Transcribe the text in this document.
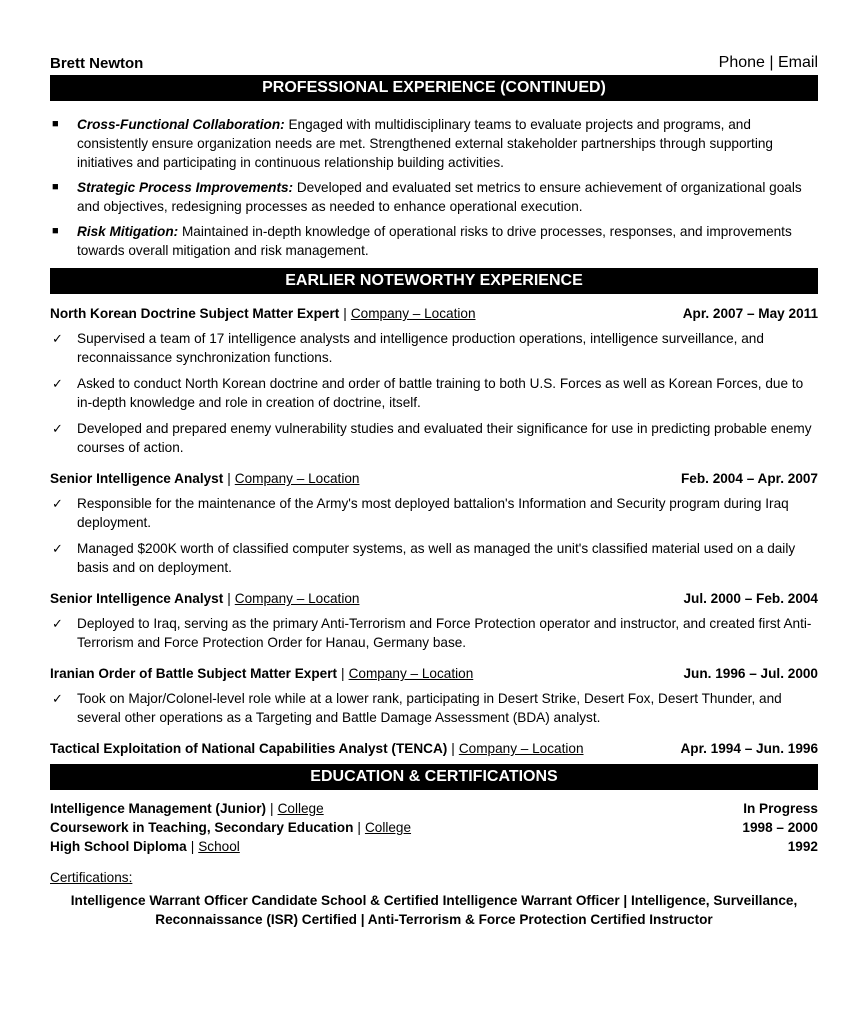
Brett Newton	Phone | Email
PROFESSIONAL EXPERIENCE (CONTINUED)
■ Cross-Functional Collaboration: Engaged with multidisciplinary teams to evaluate projects and programs, and consistently ensure organization needs are met. Strengthened external stakeholder partnerships through supporting initiatives and participating in continuous relationship building activities.
■ Strategic Process Improvements: Developed and evaluated set metrics to ensure achievement of organizational goals and objectives, redesigning processes as needed to enhance operational execution.
■ Risk Mitigation: Maintained in-depth knowledge of operational risks to drive processes, responses, and improvements towards overall mitigation and risk management.
EARLIER NOTEWORTHY EXPERIENCE
North Korean Doctrine Subject Matter Expert | Company – Location	Apr. 2007 – May 2011
✓ Supervised a team of 17 intelligence analysts and intelligence production operations, intelligence surveillance, and reconnaissance synchronization functions.
✓ Asked to conduct North Korean doctrine and order of battle training to both U.S. Forces as well as Korean Forces, due to in-depth knowledge and role in creation of doctrine, itself.
✓ Developed and prepared enemy vulnerability studies and evaluated their significance for use in predicting probable enemy courses of action.
Senior Intelligence Analyst | Company – Location	Feb. 2004 – Apr. 2007
✓ Responsible for the maintenance of the Army's most deployed battalion's Information and Security program during Iraq deployment.
✓ Managed $200K worth of classified computer systems, as well as managed the unit's classified material used on a daily basis and on deployment.
Senior Intelligence Analyst | Company – Location	Jul. 2000 – Feb. 2004
✓ Deployed to Iraq, serving as the primary Anti-Terrorism and Force Protection operator and instructor, and created first Anti-Terrorism and Force Protection Order for Hanau, Germany base.
Iranian Order of Battle Subject Matter Expert | Company – Location	Jun. 1996 – Jul. 2000
✓ Took on Major/Colonel-level role while at a lower rank, participating in Desert Strike, Desert Fox, Desert Thunder, and several other operations as a Targeting and Battle Damage Assessment (BDA) analyst.
Tactical Exploitation of National Capabilities Analyst (TENCA) | Company – Location	Apr. 1994 – Jun. 1996
EDUCATION & CERTIFICATIONS
Intelligence Management (Junior) | College	In Progress
Coursework in Teaching, Secondary Education | College	1998 – 2000
High School Diploma | School	1992
Certifications:
Intelligence Warrant Officer Candidate School & Certified Intelligence Warrant Officer | Intelligence, Surveillance,
Reconnaissance (ISR) Certified | Anti-Terrorism & Force Protection Certified Instructor
